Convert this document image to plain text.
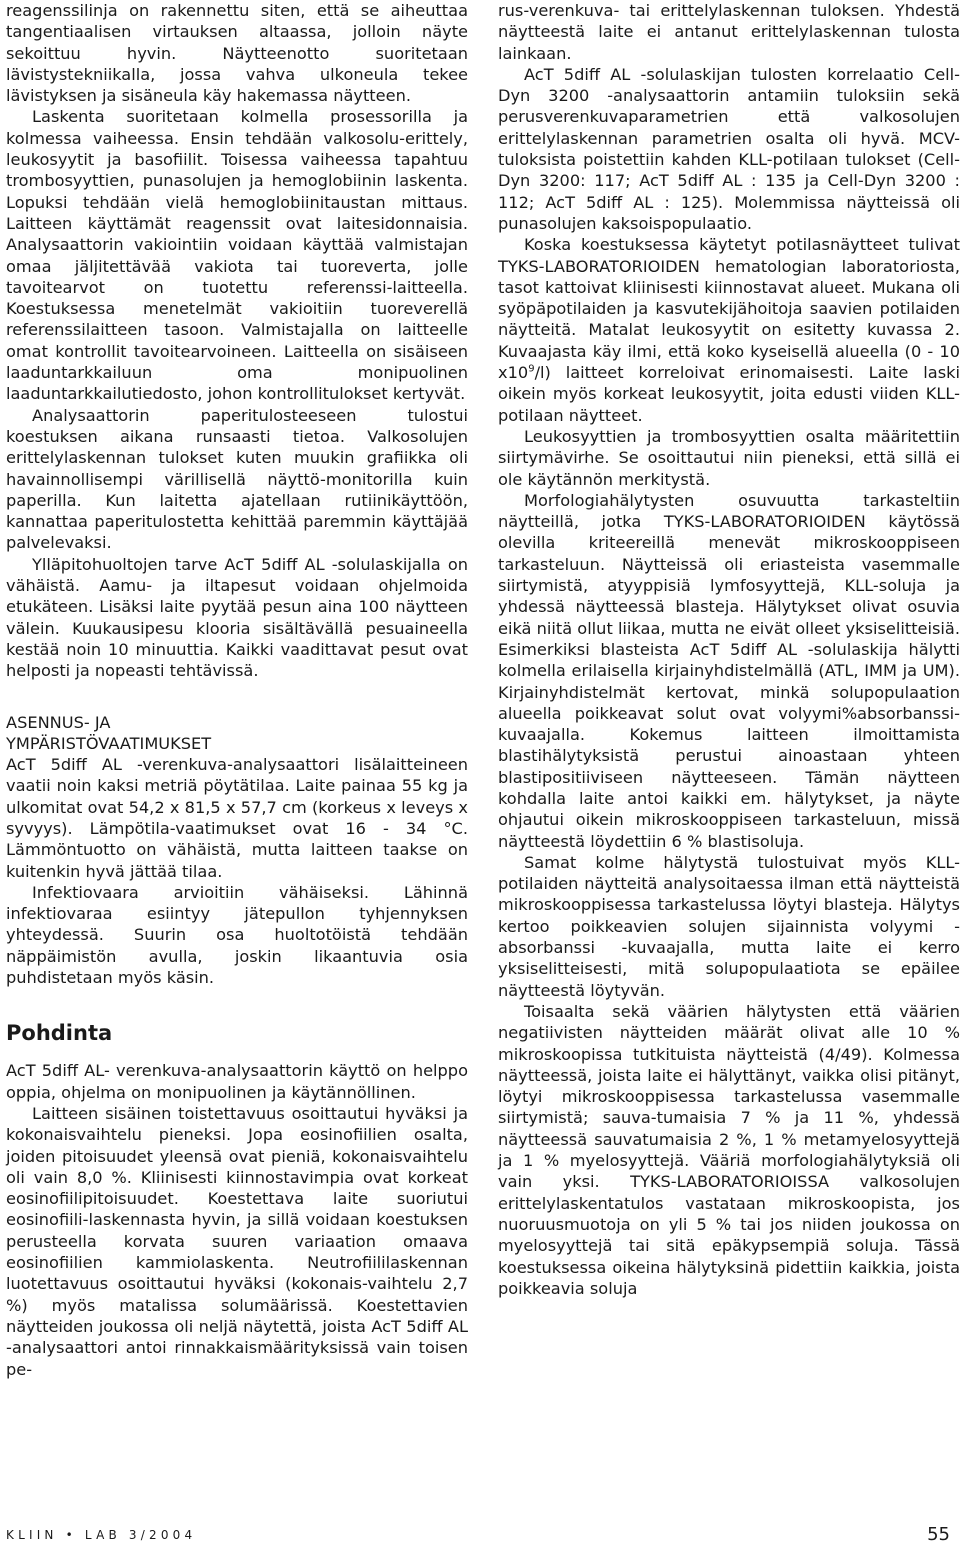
reagenssilinja on rakennettu siten, että se aiheuttaa tangentiaalisen virtauksen altaassa, jolloin näyte sekoittuu hyvin. Näytteenotto suoritetaan lävistystekniikalla, jossa vahva ulkoneula tekee lävistyksen ja sisäneula käy hakemassa näytteen.

Laskenta suoritetaan kolmella prosessorilla ja kolmessa vaiheessa. Ensin tehdään valkosolu-erittely, leukosyytit ja basofiilit. Toisessa vaiheessa tapahtuu trombosyyttien, punasolujen ja hemoglobiinin laskenta. Lopuksi tehdään vielä hemoglobiinitaustan mittaus. Laitteen käyttämät reagenssit ovat laitesidonnaisia. Analysaattorin vakiointiin voidaan käyttää valmistajan omaa jäljitettävää vakiota tai tuoreverta, jolle tavoitearvot on tuotettu referenssi-laitteella. Koestuksessa menetelmät vakioitiin tuoreverellä referenssilaitteen tasoon. Valmistajalla on laitteelle omat kontrollit tavoitearvoineen. Laitteella on sisäiseen laaduntarkkailuun oma monipuolinen laaduntarkkailutiedosto, johon kontrollitulokset kertyvät.

Analysaattorin paperitulosteeseen tulostui koestuksen aikana runsaasti tietoa. Valkosolujen erittelylaskennan tulokset kuten muukin grafiikka oli havainnollisempi värillisellä näyttö-monitorilla kuin paperilla. Kun laitetta ajatellaan rutiinikäyttöön, kannattaa paperitulostetta kehittää paremmin käyttäjää palvelevaksi.

Ylläpitohuoltojen tarve AcT 5diff AL -solulaskijalla on vähäistä. Aamu- ja iltapesut voidaan ohjelmoida etukäteen. Lisäksi laite pyytää pesun aina 100 näytteen välein. Kuukausipesu klooria sisältävällä pesuaineella kestää noin 10 minuuttia. Kaikki vaadittavat pesut ovat helposti ja nopeasti tehtävissä.

ASENNUS- JA

YMPÄRISTÖVAATIMUKSET

AcT 5diff AL -verenkuva-analysaattori lisälaitteineen vaatii noin kaksi metriä pöytätilaa. Laite painaa 55 kg ja ulkomitat ovat 54,2 x 81,5 x 57,7 cm (korkeus x leveys x syvyys). Lämpötila-vaatimukset ovat 16 - 34 °C. Lämmöntuotto on vähäistä, mutta laitteen taakse on kuitenkin hyvä jättää tilaa.

Infektiovaara arvioitiin vähäiseksi. Lähinnä infektiovaraa esiintyy jätepullon tyhjennyksen yhteydessä. Suurin osa huoltotöistä tehdään näppäimistön avulla, joskin likaantuvia osia puhdistetaan myös käsin.

Pohdinta

AcT 5diff AL- verenkuva-analysaattorin käyttö on helppo oppia, ohjelma on monipuolinen ja käytännöllinen.

Laitteen sisäinen toistettavuus osoittautui hyväksi ja kokonaisvaihtelu pieneksi. Jopa eosinofiilien osalta, joiden pitoisuudet yleensä ovat pieniä, kokonaisvaihtelu oli vain 8,0 %. Kliinisesti kiinnostavimpia ovat korkeat eosinofiilipitoisuudet. Koestettava laite suoriutui eosinofiili-laskennasta hyvin, ja sillä voidaan koestuksen perusteella korvata suuren variaation omaava eosinofiilien kammiolaskenta. Neutrofiililaskennan luotettavuus osoittautui hyväksi (kokonais-vaihtelu 2,7 %) myös matalissa solumäärissä. Koestettavien näytteiden joukossa oli neljä näytettä, joista AcT 5diff AL -analysaattori antoi rinnakkaismäärityksissä vain toisen pe-

rus-verenkuva- tai erittelylaskennan tuloksen. Yhdestä näytteestä laite ei antanut erittelylaskennan tulosta lainkaan.

AcT 5diff AL -solulaskijan tulosten korrelaatio Cell-Dyn 3200 -analysaattorin antamiin tuloksiin sekä perusverenkuvaparametrien että valkosolujen erittelylaskennan parametrien osalta oli hyvä. MCV-tuloksista poistettiin kahden KLL-potilaan tulokset (Cell-Dyn 3200: 117; AcT 5diff AL : 135 ja Cell-Dyn 3200 : 112; AcT 5diff AL : 125). Molemmissa näytteissä oli punasolujen kaksoispopulaatio.

Koska koestuksessa käytetyt potilasnäytteet tulivat TYKS-LABORATORIOIDEN hematologian laboratoriosta, tasot kattoivat kliinisesti kiinnostavat alueet. Mukana oli syöpäpotilaiden ja kasvutekijähoitoja saavien potilaiden näytteitä. Matalat leukosyytit on esitetty kuvassa 2. Kuvaajasta käy ilmi, että koko kyseisellä alueella (0 - 10 $x10^9/l$) laitteet korreloivat erinomaisesti. Laite laski oikein myös korkeat leukosyytit, joita edusti viiden KLL-potilaan näytteet.

Leukosyyttien ja trombosyyttien osalta määritettiin siirtymävirhe. Se osoittautui niin pieneksi, että sillä ei ole käytännön merkitystä.

Morfologiahälytysten osuvuutta tarkasteltiin näytteillä, jotka TYKS-LABORATORIOIDEN käytössä olevilla kriteereillä menevät mikroskooppiseen tarkasteluun. Näytteissä oli eriasteista vasemmalle siirtymistä, atyyppisiä lymfosyyttejä, KLL-soluja ja yhdessä näytteessä blasteja. Hälytykset olivat osuvia eikä niitä ollut liikaa, mutta ne eivät olleet yksiselitteisiä. Esimerkiksi blasteista AcT 5diff AL -solulaskija hälytti kolmella erilaisella kirjainyhdistelmällä (ATL, IMM ja UM). Kirjainyhdistelmät kertovat, minkä solupopulaation alueella poikkeavat solut ovat volyymi%absorbanssi-kuvaajalla. Kokemus laitteen ilmoittamista blastihälytyksistä perustui ainoastaan yhteen blastipositiiviseen näytteeseen. Tämän näytteen kohdalla laite antoi kaikki em. hälytykset, ja näyte ohjautui oikein mikroskooppiseen tarkasteluun, missä näytteestä löydettiin 6 % blastisoluja.

Samat kolme hälytystä tulostuivat myös KLL-potilaiden näytteitä analysoitaessa ilman että näytteistä mikroskooppisessa tarkastelussa löytyi blasteja. Hälytys kertoo poikkeavien solujen sijainnista volyymi - absorbanssi -kuvaajalla, mutta laite ei kerro yksiselitteisesti, mitä solupopulaatiota se epäilee näytteestä löytyvän.

Toisaalta sekä väärien hälytysten että väärien negatiivisten näytteiden määrät olivat alle 10 % mikroskoopissa tutkituista näytteistä (4/49). Kolmessa näytteessä, joista laite ei hälyttänyt, vaikka olisi pitänyt, löytyi mikroskooppisessa tarkastelussa vasemmalle siirtymistä; sauva-tumaisia 7 % ja 11 %, yhdessä näytteessä sauvatumaisia 2 %, 1 % metamyelosyyttejä ja 1 % myelosyyttejä. Vääriä morfologiahälytyksiä oli vain yksi. TYKS-LABORATORIOISSA valkosolujen erittelylaskentatulos vastataan mikroskoopista, jos nuoruusmuotoja on yli 5 % tai jos niiden joukossa on myelosyyttejä tai sitä epäkypsempiä soluja. Tässä koestuksessa oikeina hälytyksinä pidettiin kaikkia, joista poikkeavia soluja

KLIIN • LAB 3/2004	55
